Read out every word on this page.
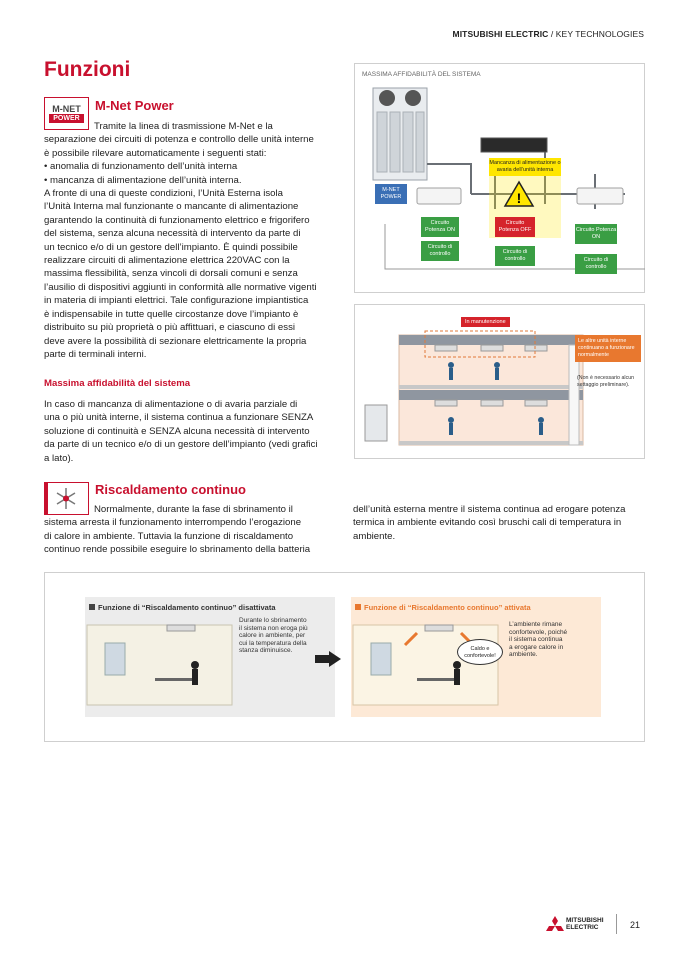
MITSUBISHI ELECTRIC / KEY TECHNOLOGIES
Funzioni
M-NET
POWER
M-Net Power
Tramite la linea di trasmissione M-Net e la
separazione dei circuiti di potenza e controllo delle unità interne
è possibile rilevare automaticamente i seguenti stati:
• anomalia di funzionamento dell’unità interna
• mancanza di alimentazione dell’unità interna.
A fronte di una di queste condizioni, l’Unità Esterna isola
l’Unità Interna mal funzionante o mancante di alimentazione
garantendo la continuità di funzionamento elettrico e frigorifero
del sistema, senza alcuna necessità di intervento da parte di
un tecnico e/o di un gestore dell’impianto. È quindi possibile
realizzare circuiti di alimentazione elettrica 220VAC con la
massima flessibilità, senza vincoli di dorsali comuni e senza
l’ausilio di dispositivi aggiunti in conformità alle normative vigenti
in materia di impianti elettrici. Tale configurazione impiantistica
è indispensabile in tutte quelle circostanze dove l’impianto è
distribuito su più proprietà o più affittuari, e ciascuno di essi
deve avere la possibilità di sezionare elettricamente la propria
parte di terminali interni.
Massima affidabilità del sistema
In caso di mancanza di alimentazione o di avaria parziale di
una o più unità interne, il sistema continua a funzionare SENZA
soluzione di continuità e SENZA alcuna necessità di intervento
da parte di un tecnico e/o di un gestore dell’impianto (vedi grafici
a lato).
MASSIMA AFFIDABILITÀ DEL SISTEMA
!
M-NET POWER
Mancanza di alimentazione o avaria dell’unità interna
Circuito Potenza ON
Circuito di controllo
Circuito Potenza OFF
Circuito di controllo
Circuito Potenza ON
Circuito di controllo
In manutenzione
Le altre unità interne continuano a funzionare normalmente
(Non è necessario alcun settaggio preliminare).
Riscaldamento continuo
Normalmente, durante la fase di sbrinamento il
sistema arresta il funzionamento interrompendo l’erogazione
di calore in ambiente. Tuttavia la funzione di riscaldamento
continuo rende possibile eseguire lo sbrinamento della batteria
dell’unità esterna mentre il sistema continua ad erogare potenza
termica in ambiente evitando così bruschi cali di temperatura in
ambiente.
Funzione di “Riscaldamento continuo” disattivata
Durante lo sbrinamento
il sistema non eroga più
calore in ambiente, per
cui la temperatura della
stanza diminuisce.
Funzione di “Riscaldamento continuo” attivata
L’ambiente rimane
confortevole, poiché
il sistema continua
a erogare calore in
ambiente.
Caldo e
confortevole!
MITSUBISHI
ELECTRIC	21
